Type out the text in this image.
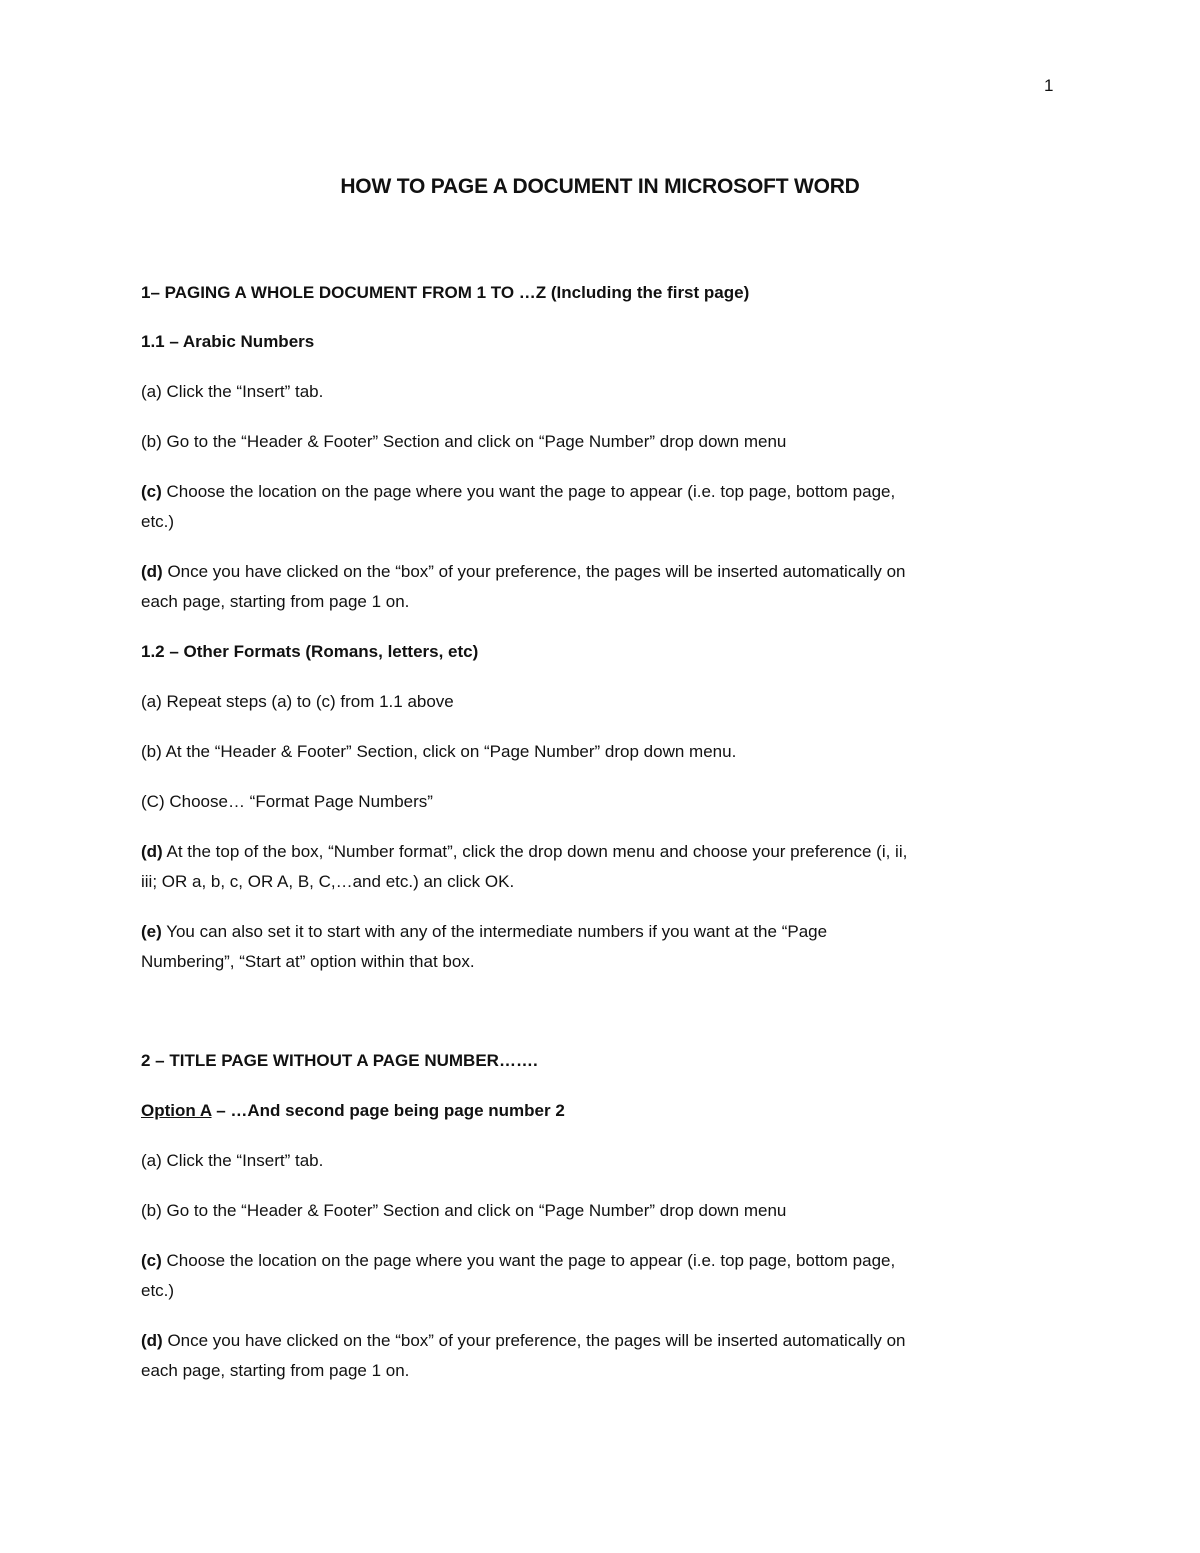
1
HOW TO PAGE A DOCUMENT IN MICROSOFT WORD

1– PAGING A WHOLE DOCUMENT FROM 1 TO …Z (Including the first page)

1.1 – Arabic Numbers

(a) Click the “Insert” tab.

(b) Go to the “Header & Footer” Section and click on “Page Number” drop down menu

(c) Choose the location on the page where you want the page to appear (i.e. top page, bottom page,

etc.)

(d) Once you have clicked on the “box” of your preference, the pages will be inserted automatically on

each page, starting from page 1 on.

1.2 – Other Formats (Romans, letters, etc)

(a) Repeat steps (a) to (c) from 1.1 above

(b) At the “Header & Footer” Section, click on “Page Number” drop down menu.

(C) Choose… “Format Page Numbers”

(d) At the top of the box, “Number format”, click the drop down menu and choose your preference (i, ii,

iii; OR a, b, c, OR A, B, C,…and etc.) an click OK.

(e) You can also set it to start with any of the intermediate numbers if you want at the “Page

Numbering”, “Start at” option within that box.

2 – TITLE PAGE WITHOUT A PAGE NUMBER…….

Option A – …And second page being page number 2

(a) Click the “Insert” tab.

(b) Go to the “Header & Footer” Section and click on “Page Number” drop down menu

(c) Choose the location on the page where you want the page to appear (i.e. top page, bottom page,

etc.)

(d) Once you have clicked on the “box” of your preference, the pages will be inserted automatically on

each page, starting from page 1 on.
